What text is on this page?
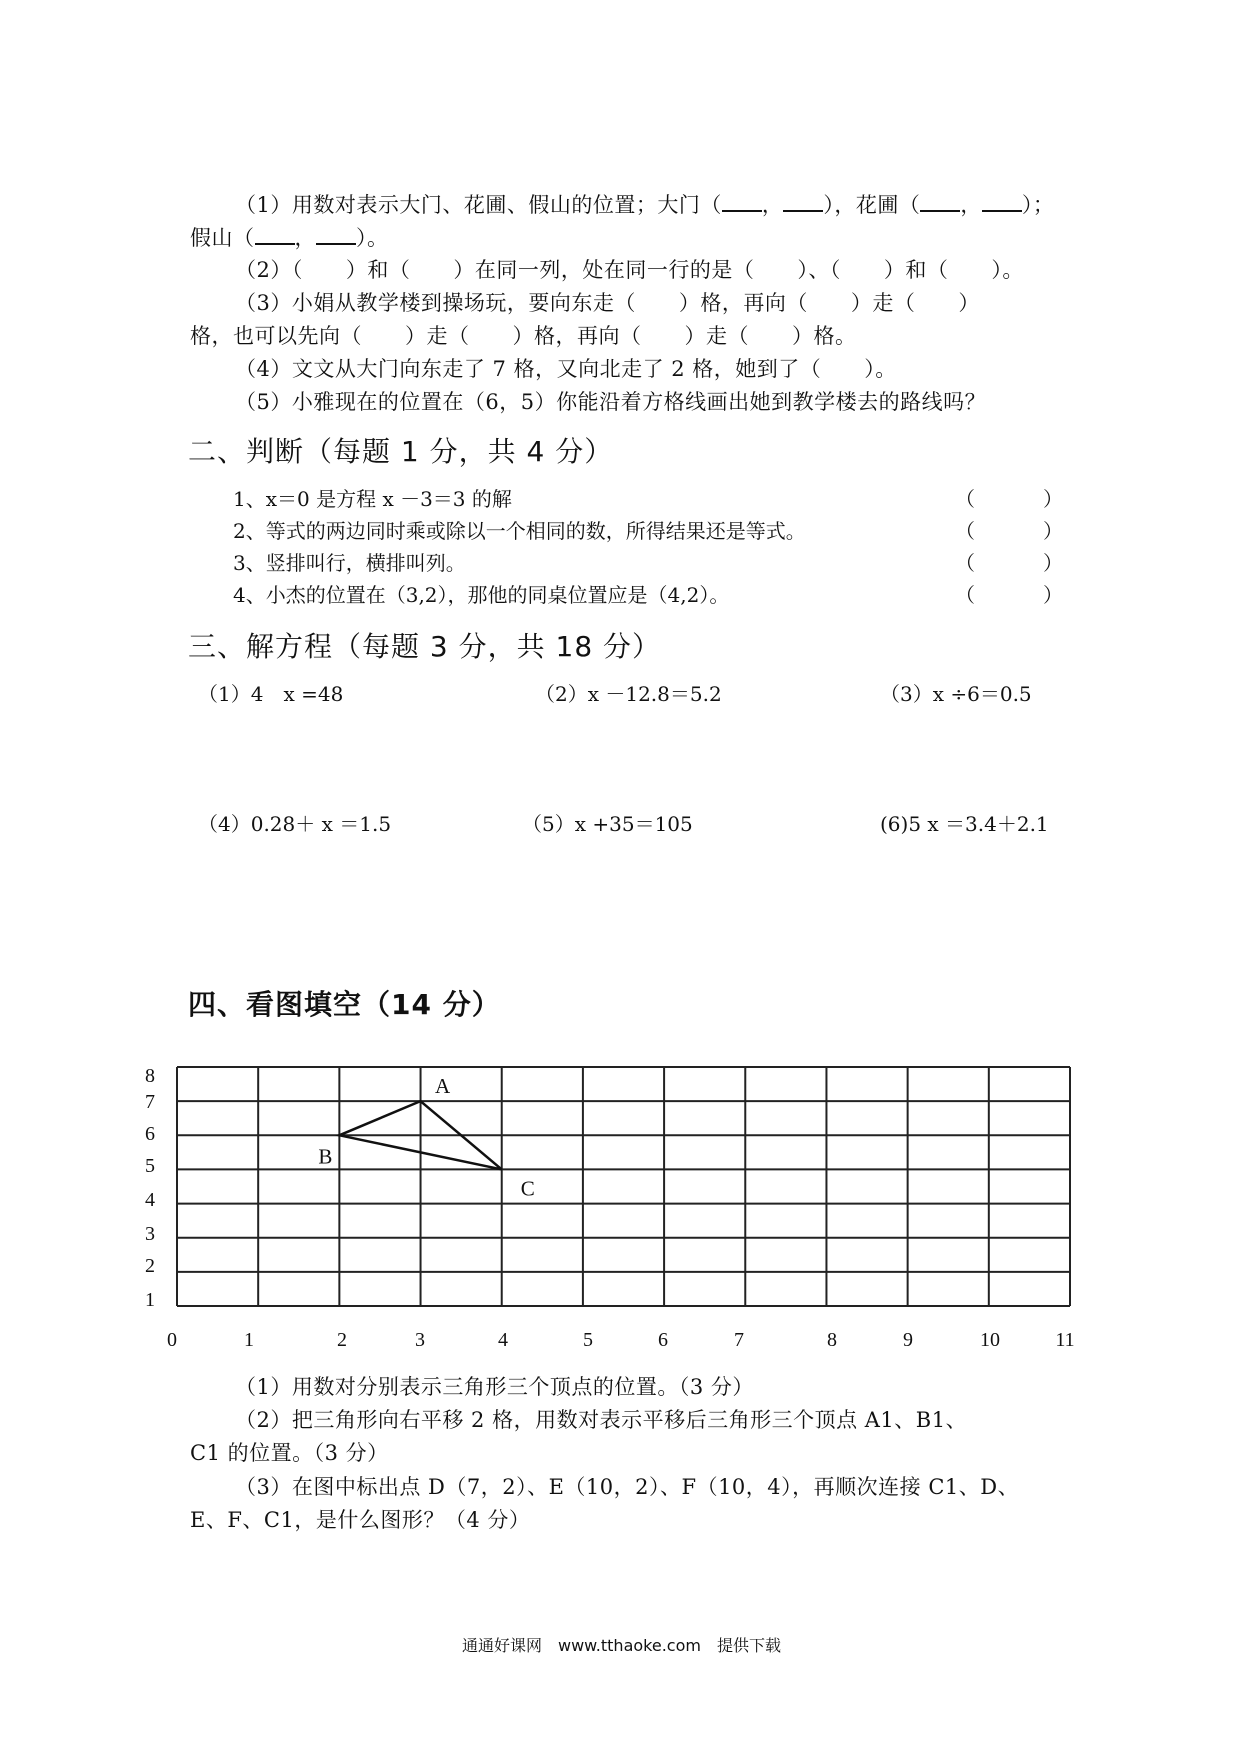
（1）用数对表示大门、花圃、假山的位置；大门（ ， ），花圃（ ， ）；
假山（ ， ）。
（2）（　　）和（　　）在同一列，处在同一行的是（　　）、（　　）和（　　）。
（3）小娟从教学楼到操场玩，要向东走（　　）格，再向（　　）走（　　）
格，也可以先向（　　）走（　　）格，再向（　　）走（　　）格。
（4）文文从大门向东走了 7 格，又向北走了 2 格，她到了（　　）。
（5）小雅现在的位置在（6，5）你能沿着方格线画出她到教学楼去的路线吗？
二、判断（每题 1 分，共 4 分）
1、x＝0 是方程 x －3＝3 的解	（　　　）
2、等式的两边同时乘或除以一个相同的数，所得结果还是等式。	（　　　）
3、竖排叫行，横排叫列。	（　　　）
4、小杰的位置在（3,2），那他的同桌位置应是（4,2）。	（　　　）
三、解方程（每题 3 分，共 18 分）
（1）4　x =48	（2）x －12.8＝5.2	（3）x ÷6＝0.5
（4）0.28＋ x ＝1.5	（5）x +35＝105	(6)5 x ＝3.4＋2.1
四、看图填空（14 分）
0	1	2	3	4	5	6	7	8	9	10	11
1
2
3
4
5
6
7
8	A
B
C
（1）用数对分别表示三角形三个顶点的位置。（3 分）
（2）把三角形向右平移 2 格，用数对表示平移后三角形三个顶点 A1、B1、
C1 的位置。（3 分）
（3）在图中标出点 D（7，2）、E（10，2）、F（10，4），再顺次连接 C1、D、
E、F、C1，是什么图形？（4 分）
通通好课网　www.tthaoke.com　提供下载
